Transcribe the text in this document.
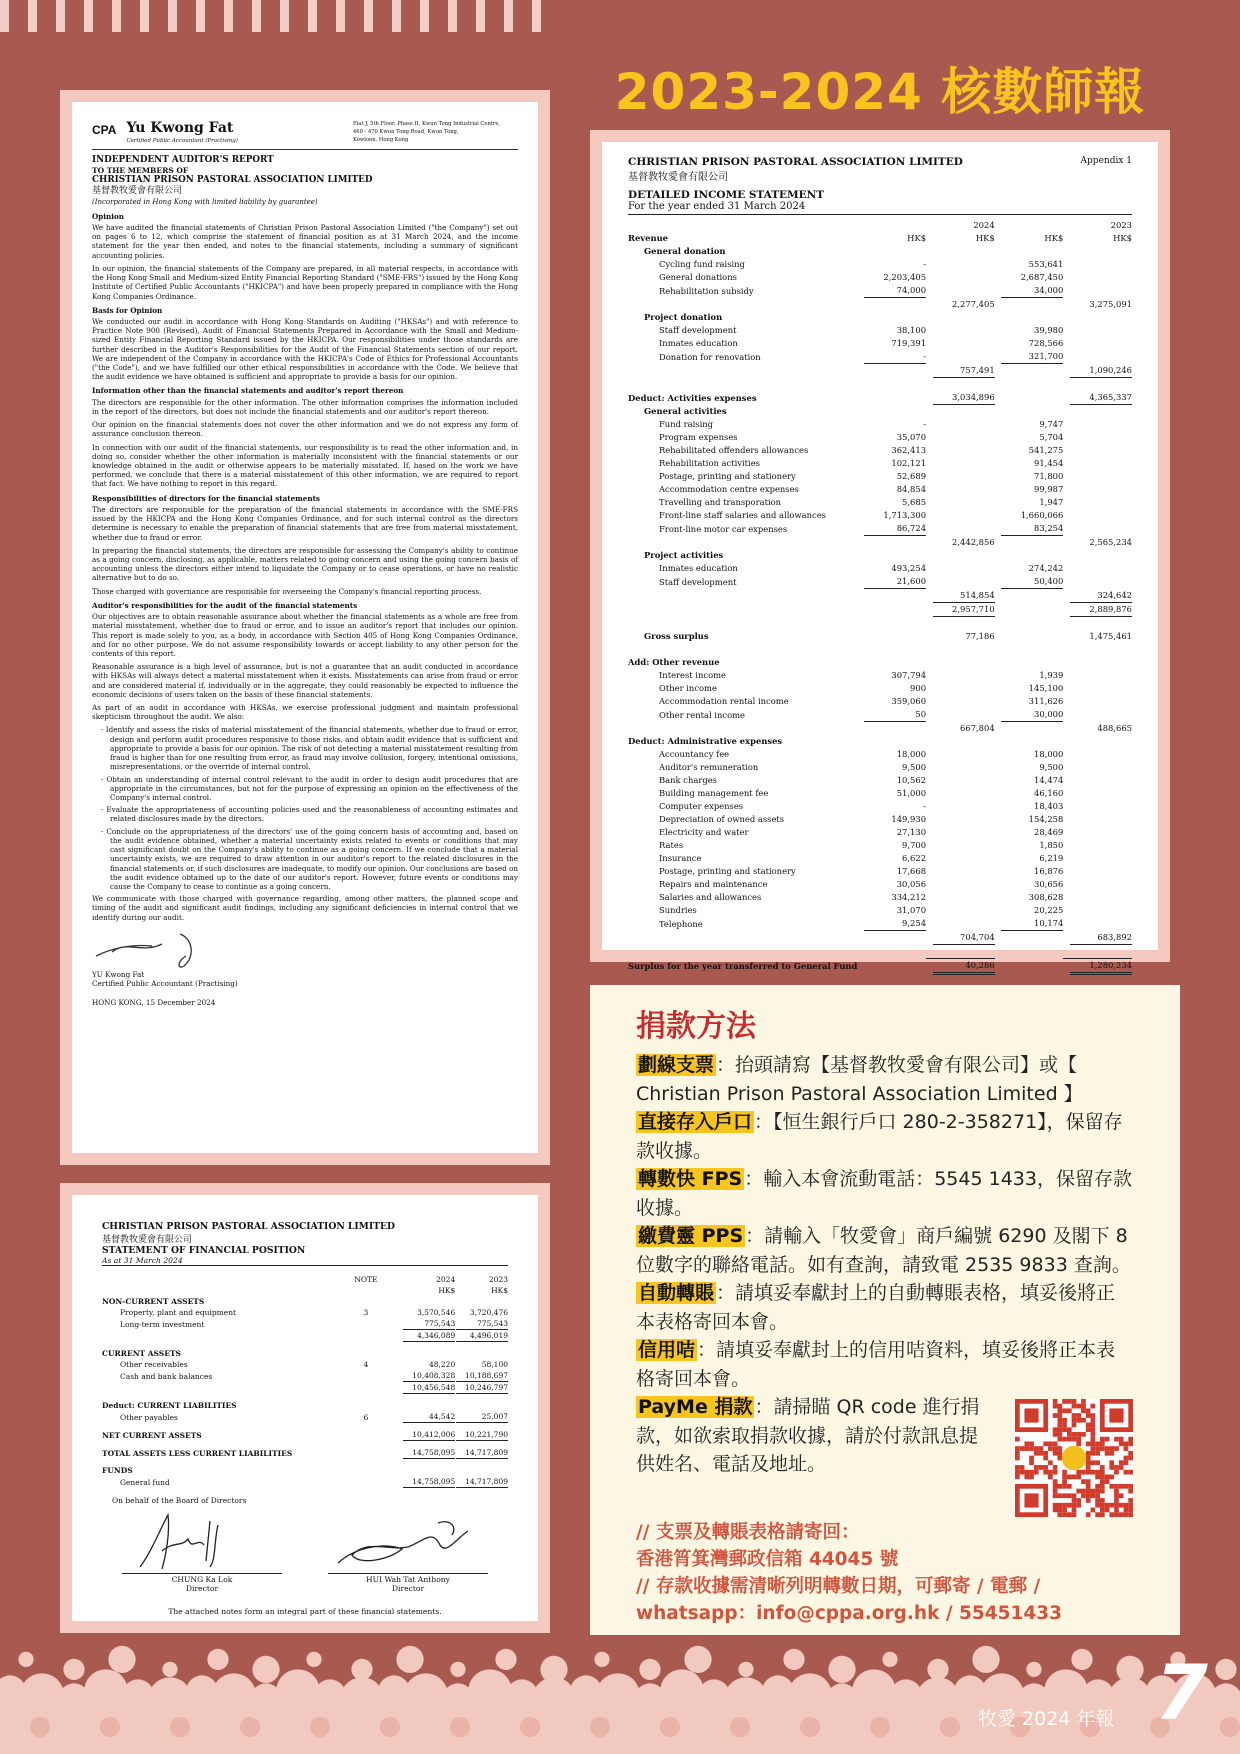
2023-2024 核數師報
CPA Yu Kwong Fat
Certified Public Accountant (Practising)
Flat J, 5th Floor, Phase II, Kwun Tong Industrial Centre,
460 - 470 Kwun Tong Road, Kwun Tong,
Kowloon, Hong Kong
INDEPENDENT AUDITOR'S REPORT
TO THE MEMBERS OF
CHRISTIAN PRISON PASTORAL ASSOCIATION LIMITED
基督教牧愛會有限公司
(Incorporated in Hong Kong with limited liability by guarantee)
Opinion

We have audited the financial statements of Christian Prison Pastoral Association Limited ("the Company") set out on pages 6 to 12, which comprise the statement of financial position as at 31 March 2024, and the income statement for the year then ended, and notes to the financial statements, including a summary of significant accounting policies.

In our opinion, the financial statements of the Company are prepared, in all material respects, in accordance with the Hong Kong Small and Medium-sized Entity Financial Reporting Standard ("SME-FRS") issued by the Hong Kong Institute of Certified Public Accountants ("HKICPA") and have been properly prepared in compliance with the Hong Kong Companies Ordinance.

Basis for Opinion

We conducted our audit in accordance with Hong Kong Standards on Auditing ("HKSAs") and with reference to Practice Note 900 (Revised), Audit of Financial Statements Prepared in Accordance with the Small and Medium-sized Entity Financial Reporting Standard issued by the HKICPA. Our responsibilities under those standards are further described in the Auditor's Responsibilities for the Audit of the Financial Statements section of our report. We are independent of the Company in accordance with the HKICPA's Code of Ethics for Professional Accountants ("the Code"), and we have fulfilled our other ethical responsibilities in accordance with the Code. We believe that the audit evidence we have obtained is sufficient and appropriate to provide a basis for our opinion.

Information other than the financial statements and auditor's report thereon

The directors are responsible for the other information. The other information comprises the information included in the report of the directors, but does not include the financial statements and our auditor's report thereon.

Our opinion on the financial statements does not cover the other information and we do not express any form of assurance conclusion thereon.

In connection with our audit of the financial statements, our responsibility is to read the other information and, in doing so, consider whether the other information is materially inconsistent with the financial statements or our knowledge obtained in the audit or otherwise appears to be materially misstated. If, based on the work we have performed, we conclude that there is a material misstatement of this other information, we are required to report that fact. We have nothing to report in this regard.

Responsibilities of directors for the financial statements

The directors are responsible for the preparation of the financial statements in accordance with the SME-FRS issued by the HKICPA and the Hong Kong Companies Ordinance, and for such internal control as the directors determine is necessary to enable the preparation of financial statements that are free from material misstatement, whether due to fraud or error.

In preparing the financial statements, the directors are responsible for assessing the Company's ability to continue as a going concern, disclosing, as applicable, matters related to going concern and using the going concern basis of accounting unless the directors either intend to liquidate the Company or to cease operations, or have no realistic alternative but to do so.

Those charged with governance are responsible for overseeing the Company's financial reporting process.

Auditor's responsibilities for the audit of the financial statements

Our objectives are to obtain reasonable assurance about whether the financial statements as a whole are free from material misstatement, whether due to fraud or error, and to issue an auditor's report that includes our opinion. This report is made solely to you, as a body, in accordance with Section 405 of Hong Kong Companies Ordinance, and for no other purpose. We do not assume responsibility towards or accept liability to any other person for the contents of this report.

Reasonable assurance is a high level of assurance, but is not a guarantee that an audit conducted in accordance with HKSAs will always detect a material misstatement when it exists. Misstatements can arise from fraud or error and are considered material if, individually or in the aggregate, they could reasonably be expected to influence the economic decisions of users taken on the basis of these financial statements.

As part of an audit in accordance with HKSAs, we exercise professional judgment and maintain professional skepticism throughout the audit. We also:

- Identify and assess the risks of material misstatement of the financial statements, whether due to fraud or error, design and perform audit procedures responsive to those risks, and obtain audit evidence that is sufficient and appropriate to provide a basis for our opinion. The risk of not detecting a material misstatement resulting from fraud is higher than for one resulting from error, as fraud may involve collusion, forgery, intentional omissions, misrepresentations, or the override of internal control.

- Obtain an understanding of internal control relevant to the audit in order to design audit procedures that are appropriate in the circumstances, but not for the purpose of expressing an opinion on the effectiveness of the Company's internal control.

- Evaluate the appropriateness of accounting policies used and the reasonableness of accounting estimates and related disclosures made by the directors.

- Conclude on the appropriateness of the directors' use of the going concern basis of accounting and, based on the audit evidence obtained, whether a material uncertainty exists related to events or conditions that may cast significant doubt on the Company's ability to continue as a going concern. If we conclude that a material uncertainty exists, we are required to draw attention in our auditor's report to the related disclosures in the financial statements or, if such disclosures are inadequate, to modify our opinion. Our conclusions are based on the audit evidence obtained up to the date of our auditor's report. However, future events or conditions may cause the Company to cease to continue as a going concern.

We communicate with those charged with governance regarding, among other matters, the planned scope and timing of the audit and significant audit findings, including any significant deficiencies in internal control that we identify during our audit.

YU Kwong Fat
Certified Public Accountant (Practising)
HONG KONG, 15 December 2024
CHRISTIAN PRISON PASTORAL ASSOCIATION LIMITED	Appendix 1
基督教牧愛會有限公司
DETAILED INCOME STATEMENT
For the year ended 31 March 2024
		2024		2023
Revenue	HK$	HK$	HK$	HK$
General donation				
Cycling fund raising	-		553,641	
General donations	2,203,405		2,687,450	
Rehabilitation subsidy	74,000		34,000	
		2,277,405		3,275,091
Project donation				
Staff development	38,100		39,980	
Inmates education	719,391		728,566	
Donation for renovation	-		321,700	
		757,491		1,090,246

Deduct: Activities expenses		3,034,896		4,365,337
General activities				
Fund raising	-		9,747	
Program expenses	35,070		5,704	
Rehabilitated offenders allowances	362,413		541,275	
Rehabilitation activities	102,121		91,454	
Postage, printing and stationery	52,689		71,800	
Accommodation centre expenses	84,854		99,987	
Travelling and transporation	5,685		1,947	
Front-line staff salaries and allowances	1,713,300		1,660,066	
Front-line motor car expenses	86,724		83,254	
		2,442,856		2,565,234
Project activities				
Inmates education	493,254		274,242	
Staff development	21,600		50,400	
		514,854		324,642
		2,957,710		2,889,876

Gross surplus		77,186		1,475,461

Add: Other revenue				
Interest income	307,794		1,939	
Other income	900		145,100	
Accommodation rental income	359,060		311,626	
Other rental income	50		30,000	
		667,804		488,665
Deduct: Administrative expenses				
Accountancy fee	18,000		18,000	
Auditor's remuneration	9,500		9,500	
Bank charges	10,562		14,474	
Building management fee	51,000		46,160	
Computer expenses	-		18,403	
Depreciation of owned assets	149,930		154,258	
Electricity and water	27,130		28,469	
Rates	9,700		1,850	
Insurance	6,622		6,219	
Postage, printing and stationery	17,668		16,876	
Repairs and maintenance	30,056		30,656	
Salaries and allowances	334,212		308,628	
Sundries	31,070		20,225	
Telephone	9,254		10,174	
		704,704		683,892

Surplus for the year transferred to General Fund		40,286		1,280,234
CHRISTIAN PRISON PASTORAL ASSOCIATION LIMITED
基督教牧愛會有限公司
STATEMENT OF FINANCIAL POSITION
As at 31 March 2024
	NOTE	2024	2023
		HK$	HK$
NON-CURRENT ASSETS			
Property, plant and equipment	3	3,570,546	3,720,476
Long-term investment		775,543	775,543
		4,346,089	4,496,019

CURRENT ASSETS			
Other receivables	4	48,220	58,100
Cash and bank balances		10,408,328	10,188,697
		10,456,548	10,246,797

Deduct: CURRENT LIABILITIES			
Other payables	6	44,542	25,007

NET CURRENT ASSETS		10,412,006	10,221,790

TOTAL ASSETS LESS CURRENT LIABILITIES		14,758,095	14,717,809

FUNDS			
General fund		14,758,095	14,717,809
On behalf of the Board of Directors
CHUNG Ka Lok
Director
HUI Wah Tat Anthony
Director
The attached notes form an integral part of these financial statements.
捐款方法
劃線支票 ：抬頭請寫【基督教牧愛會有限公司】或【 Christian Prison Pastoral Association Limited 】
直接存入戶口 ：【恒生銀行戶口 280-2-358271】，保留存款收據。
轉數快 FPS ：輸入本會流動電話：5545 1433，保留存款收據。
繳費靈 PPS ：請輸入「牧愛會」商戶編號 6290 及閣下 8 位數字的聯絡電話。如有查詢，請致電 2535 9833 查詢。
自動轉賬 ：請填妥奉獻封上的自動轉賬表格，填妥後將正本表格寄回本會。
信用咭 ：請填妥奉獻封上的信用咭資料，填妥後將正本表格寄回本會。
PayMe 捐款 ：請掃瞄 QR code 進行捐款，如欲索取捐款收據，請於付款訊息提供姓名、電話及地址。
// 支票及轉賬表格請寄回：
香港筲箕灣郵政信箱 44045 號
// 存款收據需清晰列明轉數日期，可郵寄 / 電郵 / whatsapp：info@cppa.org.hk / 55451433
牧愛 2024 年報 7
